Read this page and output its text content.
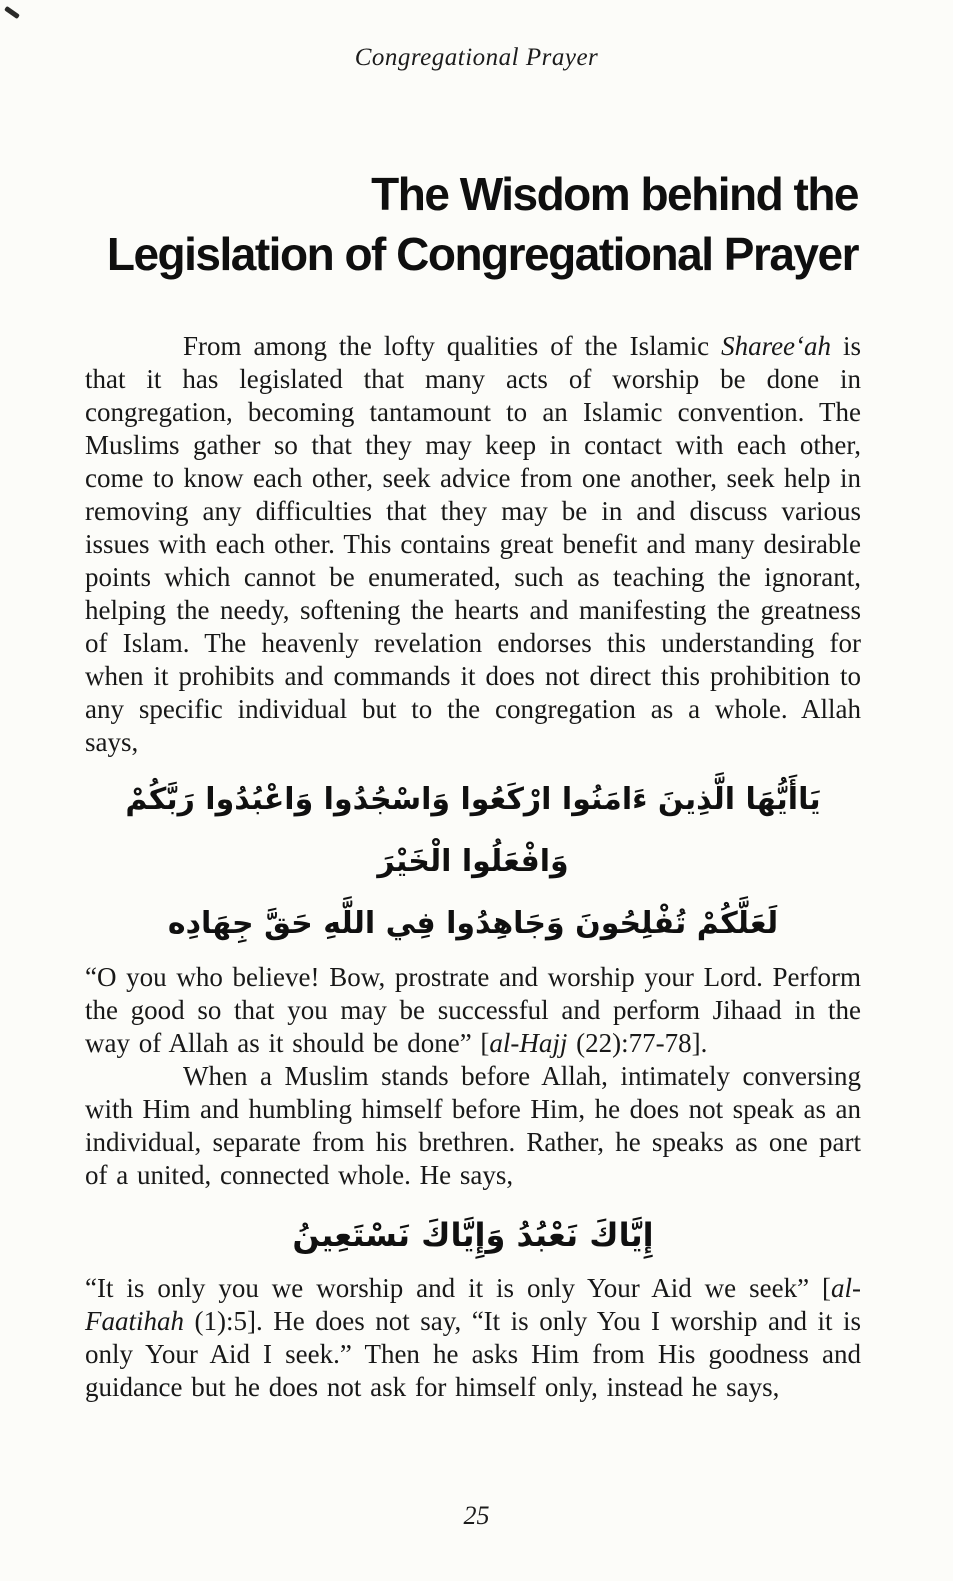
Congregational Prayer
The Wisdom behind the
Legislation of Congregational Prayer

From among the lofty qualities of the Islamic Sharee‘ah is that it has legislated that many acts of worship be done in congregation, becoming tantamount to an Islamic convention. The Muslims gather so that they may keep in contact with each other, come to know each other, seek advice from one another, seek help in removing any difficulties that they may be in and discuss various issues with each other. This contains great benefit and many desirable points which cannot be enumerated, such as teaching the ignorant, helping the needy, softening the hearts and manifesting the greatness of Islam. The heavenly revelation endorses this understanding for when it prohibits and commands it does not direct this prohibition to any specific individual but to the congregation as a whole. Allah says,

يَاأَيُّهَا الَّذِينَ ءَامَنُوا ارْكَعُوا وَاسْجُدُوا وَاعْبُدُوا رَبَّكُمْ وَافْعَلُوا الْخَيْرَ
لَعَلَّكُمْ تُفْلِحُونَ وَجَاهِدُوا فِي اللَّهِ حَقَّ جِهَادِه

“O you who believe! Bow, prostrate and worship your Lord. Perform the good so that you may be successful and perform Jihaad in the way of Allah as it should be done” [al-Hajj (22):77-78].

When a Muslim stands before Allah, intimately conversing with Him and humbling himself before Him, he does not speak as an individual, separate from his brethren. Rather, he speaks as one part of a united, connected whole. He says,

إِيَّاكَ نَعْبُدُ وَإِيَّاكَ نَسْتَعِينُ

“It is only you we worship and it is only Your Aid we seek” [al-Faatihah (1):5]. He does not say, “It is only You I worship and it is only Your Aid I seek.” Then he asks Him from His goodness and guidance but he does not ask for himself only, instead he says,

25
